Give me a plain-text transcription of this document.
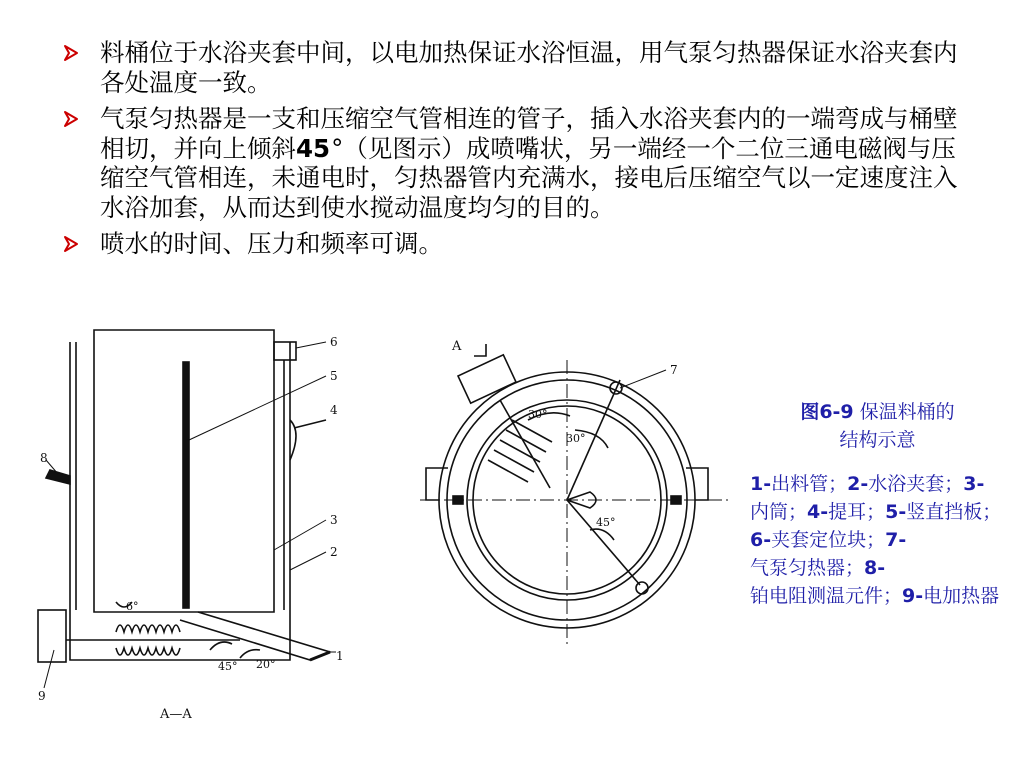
料桶位于水浴夹套中间，以电加热保证水浴恒温，用气泵匀热器保证水浴夹套内各处温度一致。
气泵匀热器是一支和压缩空气管相连的管子，插入水浴夹套内的一端弯成与桶壁相切，并向上倾斜45°（见图示）成喷嘴状，另一端经一个二位三通电磁阀与压缩空气管相连，未通电时，匀热器管内充满水，接电后压缩空气以一定速度注入水浴加套，从而达到使水搅动温度均匀的目的。
喷水的时间、压力和频率可调。
6
5
4
3
2
1
8
9
6°
45° 20°
A—A
A
7
30°
30°
45°

图6-9 保温料桶的
结构示意

1-出料管；2-水浴夹套；3-内筒；4-提耳；5-竖直挡板； 6-夹套定位块；7-气泵匀热器；8-铂电阻测温元件；9-电加热器
